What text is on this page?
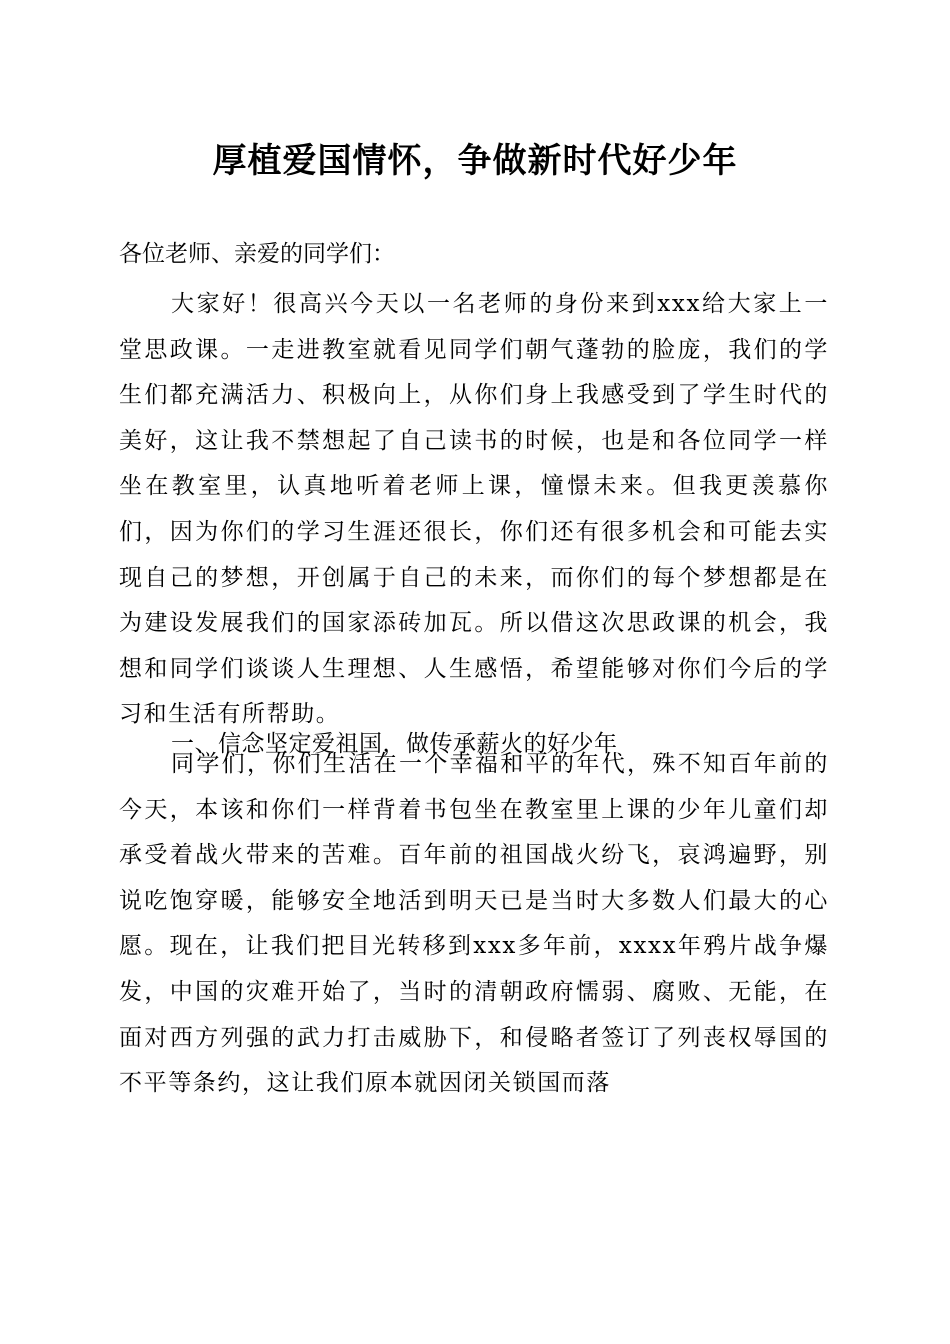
厚植爱国情怀，争做新时代好少年
各位老师、亲爱的同学们：

大家好！很高兴今天以一名老师的身份来到xxx给大家上一堂思政课。一走进教室就看见同学们朝气蓬勃的脸庞，我们的学生们都充满活力、积极向上，从你们身上我感受到了学生时代的美好，这让我不禁想起了自己读书的时候，也是和各位同学一样坐在教室里，认真地听着老师上课，憧憬未来。但我更羡慕你们，因为你们的学习生涯还很长，你们还有很多机会和可能去实现自己的梦想，开创属于自己的未来，而你们的每个梦想都是在为建设发展我们的国家添砖加瓦。所以借这次思政课的机会，我想和同学们谈谈人生理想、人生感悟，希望能够对你们今后的学习和生活有所帮助。

一、信念坚定爱祖国，做传承薪火的好少年

同学们，你们生活在一个幸福和平的年代，殊不知百年前的今天，本该和你们一样背着书包坐在教室里上课的少年儿童们却承受着战火带来的苦难。百年前的祖国战火纷飞，哀鸿遍野，别说吃饱穿暖，能够安全地活到明天已是当时大多数人们最大的心愿。现在，让我们把目光转移到xxx多年前，xxxx年鸦片战争爆发，中国的灾难开始了，当时的清朝政府懦弱、腐败、无能，在面对西方列强的武力打击威胁下，和侵略者签订了列丧权辱国的不平等条约，这让我们原本就因闭关锁国而落
